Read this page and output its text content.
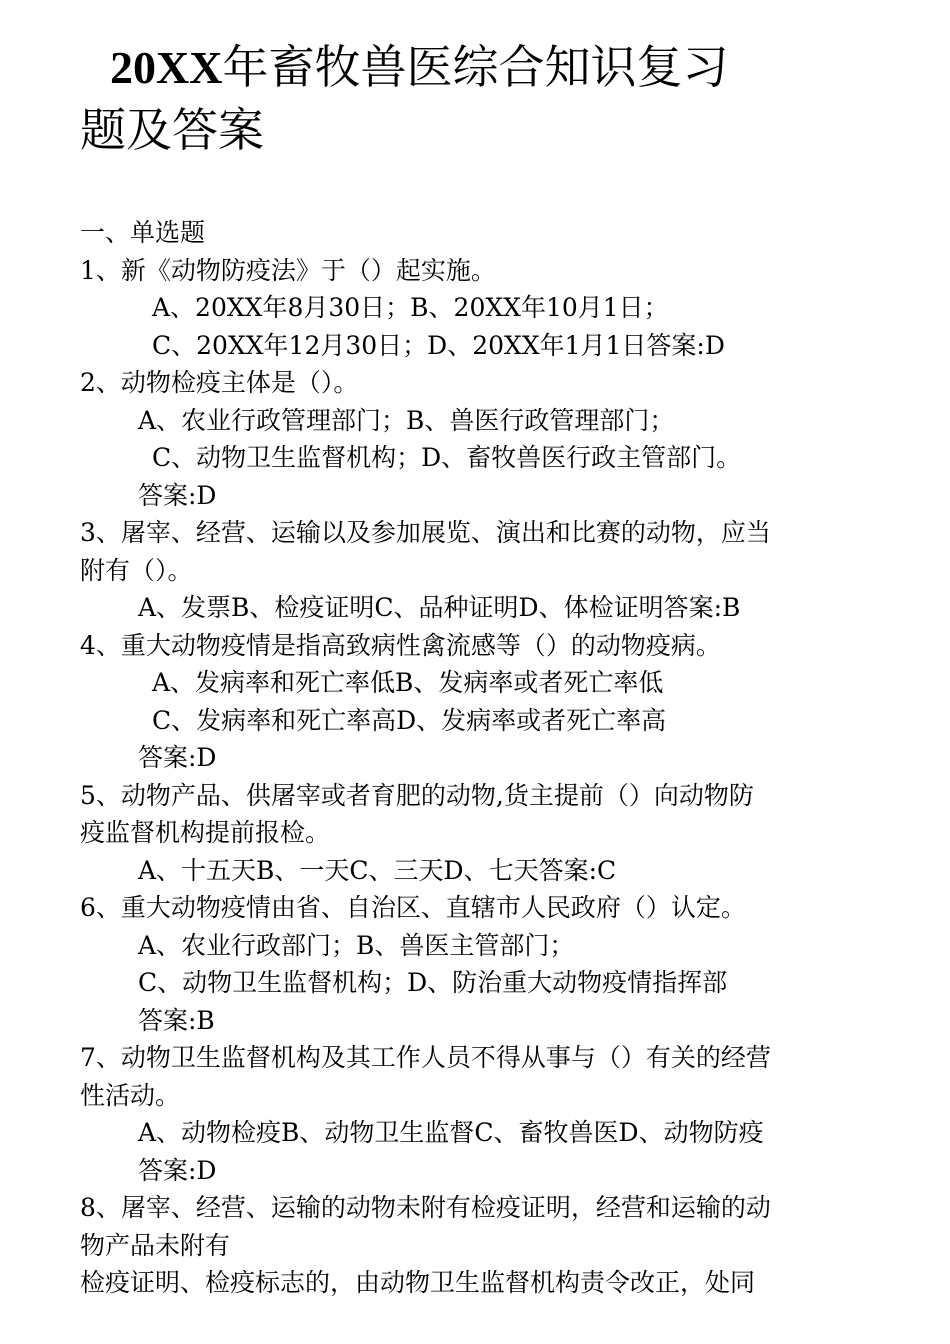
20XX年畜牧兽医综合知识复习
题及答案
一、单选题
1、新《动物防疫法》于（）起实施。
A、20XX年8月30日；B、20XX年10月1日；
C、20XX年12月30日；D、20XX年1月1日答案:D
2、动物检疫主体是（）。
A、农业行政管理部门；B、兽医行政管理部门；
C、动物卫生监督机构；D、畜牧兽医行政主管部门。
答案:D
3、屠宰、经营、运输以及参加展览、演出和比赛的动物，应当
附有（）。
A、发票B、检疫证明C、品种证明D、体检证明答案:B
4、重大动物疫情是指高致病性禽流感等（）的动物疫病。
A、发病率和死亡率低B、发病率或者死亡率低
C、发病率和死亡率高D、发病率或者死亡率高
答案:D
5、动物产品、供屠宰或者育肥的动物,货主提前（）向动物防
疫监督机构提前报检。
A、十五天B、一天C、三天D、七天答案:C
6、重大动物疫情由省、自治区、直辖市人民政府（）认定。
A、农业行政部门；B、兽医主管部门；
C、动物卫生监督机构；D、防治重大动物疫情指挥部
答案:B
7、动物卫生监督机构及其工作人员不得从事与（）有关的经营
性活动。
A、动物检疫B、动物卫生监督C、畜牧兽医D、动物防疫
答案:D
8、屠宰、经营、运输的动物未附有检疫证明，经营和运输的动
物产品未附有
检疫证明、检疫标志的，由动物卫生监督机构责令改正，处同
